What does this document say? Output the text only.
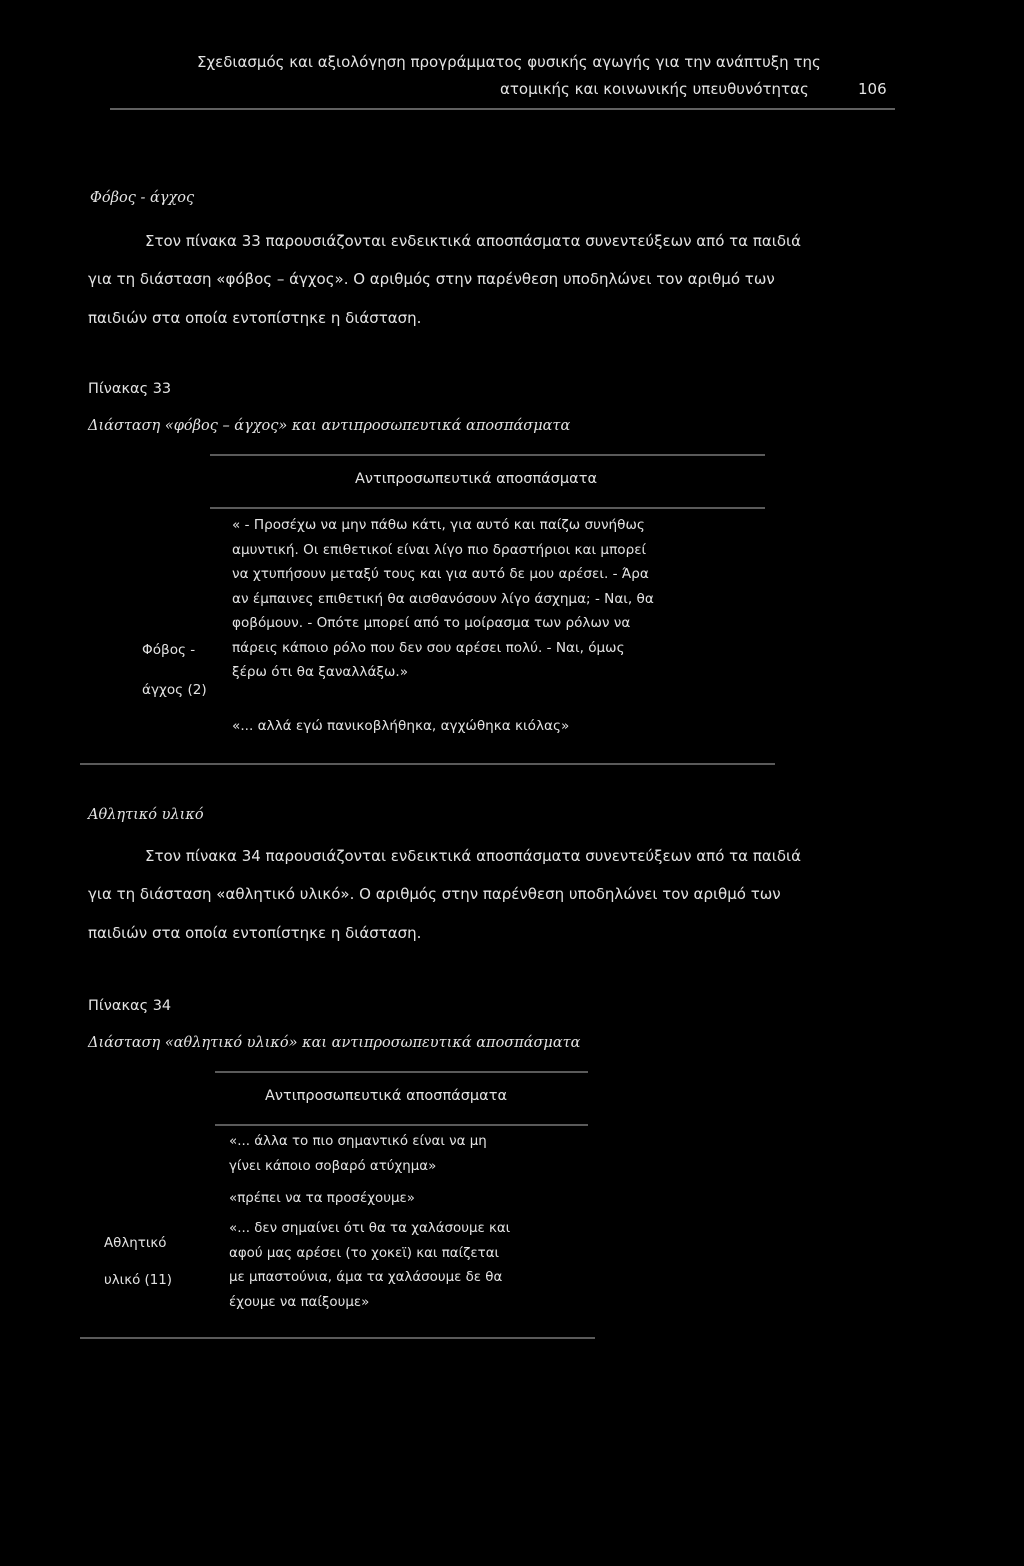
Σχεδιασμός και αξιολόγηση προγράμματος φυσικής αγωγής για την ανάπτυξη της

ατομικής και κοινωνικής υπευθυνότητας	106

Φόβος - άγχος

Στον πίνακα 33 παρουσιάζονται ενδεικτικά αποσπάσματα συνεντεύξεων από τα παιδιά

για τη διάσταση «φόβος – άγχος». Ο αριθμός στην παρένθεση υποδηλώνει τον αριθμό των

παιδιών στα οποία εντοπίστηκε η διάσταση.

Πίνακας 33

Διάσταση «φόβος – άγχος» και αντιπροσωπευτικά αποσπάσματα

Αντιπροσωπευτικά αποσπάσματα

Φόβος -

άγχος (2)

« - Προσέχω να μην πάθω κάτι, για αυτό και παίζω συνήθως

αμυντική. Οι επιθετικοί είναι λίγο πιο δραστήριοι και μπορεί

να χτυπήσουν μεταξύ τους και για αυτό δε μου αρέσει. - Άρα

αν έμπαινες επιθετική θα αισθανόσουν λίγο άσχημα; - Ναι, θα

φοβόμουν. - Οπότε μπορεί από το μοίρασμα των ρόλων να

πάρεις κάποιο ρόλο που δεν σου αρέσει πολύ. - Ναι, όμως

ξέρω ότι θα ξαναλλάξω.»

«... αλλά εγώ πανικοβλήθηκα, αγχώθηκα κιόλας»

Αθλητικό υλικό

Στον πίνακα 34 παρουσιάζονται ενδεικτικά αποσπάσματα συνεντεύξεων από τα παιδιά

για τη διάσταση «αθλητικό υλικό». Ο αριθμός στην παρένθεση υποδηλώνει τον αριθμό των

παιδιών στα οποία εντοπίστηκε η διάσταση.

Πίνακας 34

Διάσταση «αθλητικό υλικό» και αντιπροσωπευτικά αποσπάσματα

Αντιπροσωπευτικά αποσπάσματα

Αθλητικό

υλικό (11)

«... άλλα το πιο σημαντικό είναι να μη

γίνει κάποιο σοβαρό ατύχημα»

«πρέπει να τα προσέχουμε»

«... δεν σημαίνει ότι θα τα χαλάσουμε και

αφού μας αρέσει (το χοκεϊ) και παίζεται

με μπαστούνια, άμα τα χαλάσουμε δε θα

έχουμε να παίξουμε»
